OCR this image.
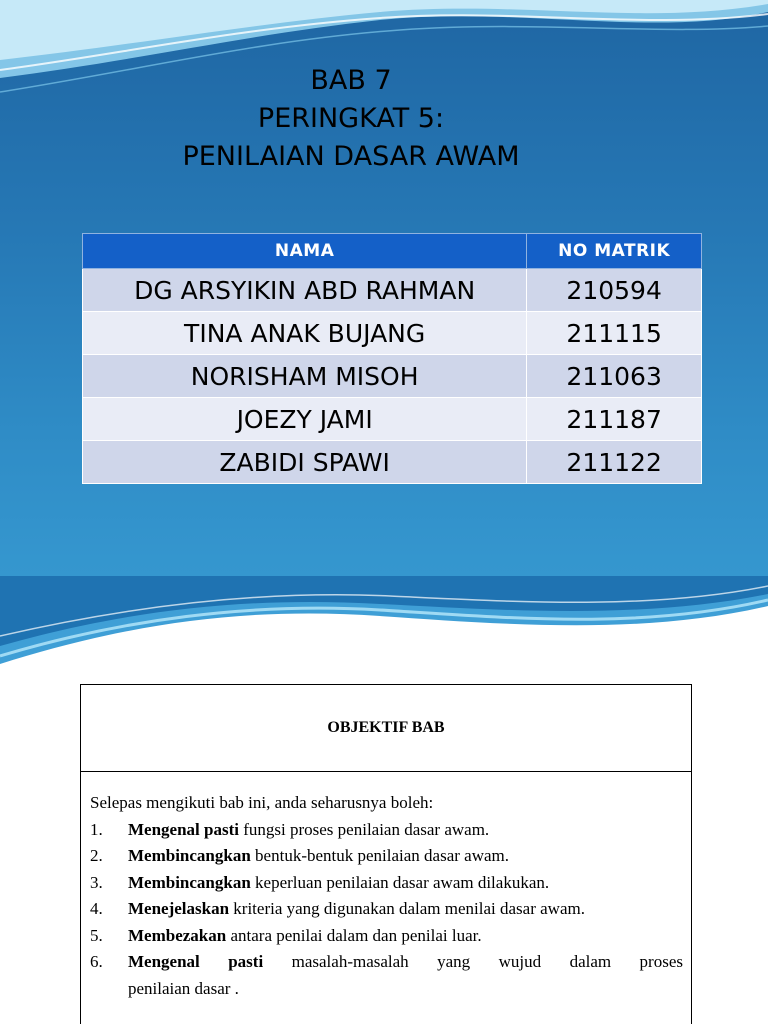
BAB 7
PERINGKAT 5:
PENILAIAN DASAR AWAM
NAMA	NO MATRIK
DG ARSYIKIN ABD RAHMAN	210594
TINA ANAK BUJANG	211115
NORISHAM MISOH	211063
JOEZY JAMI	211187
ZABIDI SPAWI	211122
OBJEKTIF BAB
Selepas mengikuti bab ini, anda seharusnya boleh:
1.	Mengenal pasti fungsi proses penilaian dasar awam.
2.	Membincangkan bentuk-bentuk penilaian dasar awam.
3.	Membincangkan keperluan penilaian dasar awam dilakukan.
4.	Menejelaskan kriteria yang digunakan dalam menilai dasar awam.
5.	Membezakan antara penilai dalam dan penilai luar.
6.	Mengenal pasti masalah-masalah yang wujud dalam proses
penilaian dasar .
